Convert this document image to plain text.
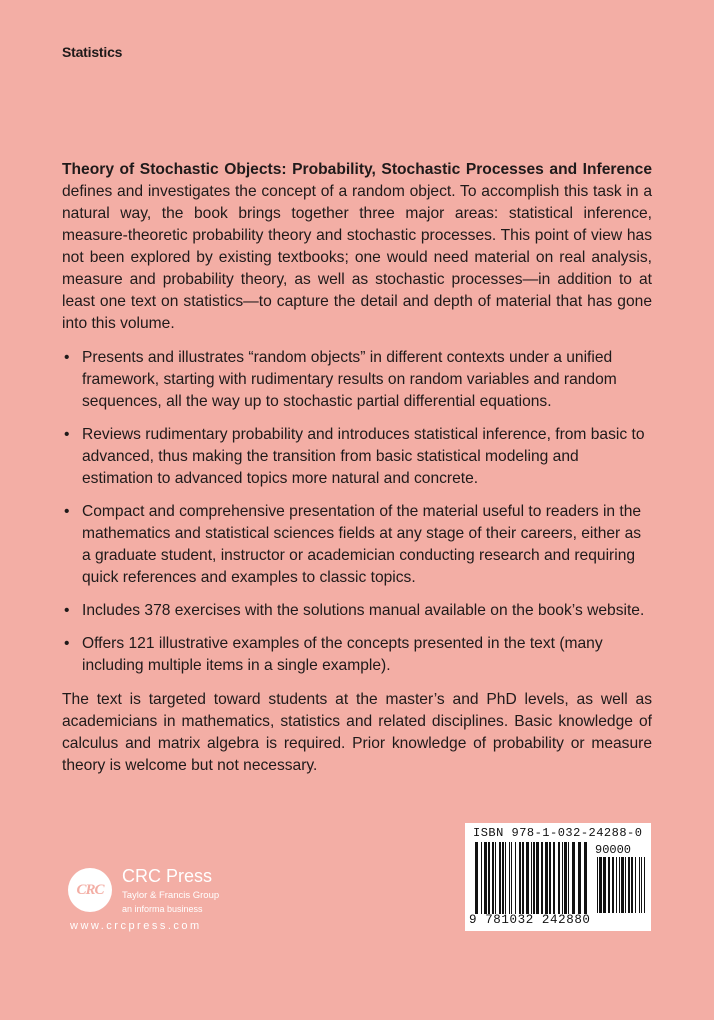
Statistics

Theory of Stochastic Objects: Probability, Stochastic Processes and Inference defines and investigates the concept of a random object. To accomplish this task in a natural way, the book brings together three major areas: statistical inference, measure-theoretic probability theory and stochastic processes. This point of view has not been explored by existing textbooks; one would need material on real analysis, measure and probability theory, as well as stochastic processes—in addition to at least one text on statistics—to capture the detail and depth of material that has gone into this volume.

• Presents and illustrates “random objects” in different contexts under a unified framework, starting with rudimentary results on random variables and random sequences, all the way up to stochastic partial differential equations.
• Reviews rudimentary probability and introduces statistical inference, from basic to advanced, thus making the transition from basic statistical modeling and estimation to advanced topics more natural and concrete.
• Compact and comprehensive presentation of the material useful to readers in the mathematics and statistical sciences fields at any stage of their careers, either as a graduate student, instructor or academician conducting research and requiring quick references and examples to classic topics.
• Includes 378 exercises with the solutions manual available on the book’s website.
• Offers 121 illustrative examples of the concepts presented in the text (many including multiple items in a single example).

The text is targeted toward students at the master’s and PhD levels, as well as academicians in mathematics, statistics and related disciplines. Basic knowledge of calculus and matrix algebra is required. Prior knowledge of probability or measure theory is welcome but not necessary.

CRC
CRC Press
Taylor & Francis Group
an informa business
www.crcpress.com
ISBN 978-1-032-24288-0
90000
9 781032 242880
